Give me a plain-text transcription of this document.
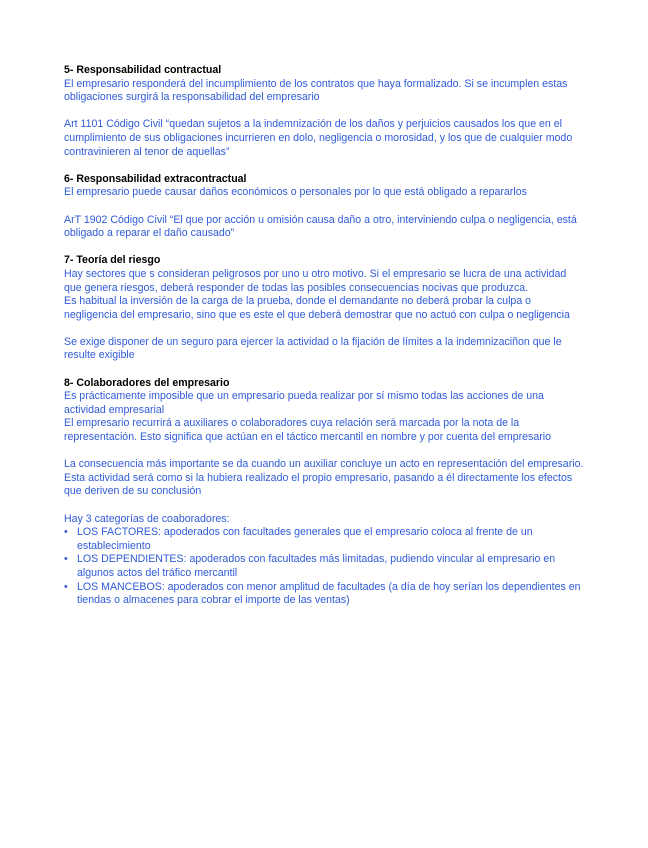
5- Responsabilidad contractual

El empresario responderá del incumplimiento de los contratos que haya formalizado. Si se incumplen estas obligaciones surgirá la responsabilidad del empresario

Art 1101 Código Civil “quedan sujetos a la indemnización de los daños y perjuicios causados los que en el cumplimiento de sus obligaciones incurrieren en dolo, negligencia o morosidad, y los que de cualquier modo contravinieren al tenor de aquellas”

6- Responsabilidad extracontractual

El empresario puede causar daños económicos o personales por lo que está obligado a repararlos

ArT 1902 Código Civil “El que por acción u omisión causa daño a otro, interviniendo culpa o negligencia, está obligado a reparar el daño causado”

7- Teoría del riesgo

Hay sectores que s consideran peligrosos por uno u otro motivo. Si el empresario se lucra de una actividad que genera riesgos, deberá responder de todas las posibles consecuencias nocivas que produzca.

Es habitual la inversión de la carga de la prueba, donde el demandante no deberá probar la culpa o negligencia del empresario, sino que es este el que deberá demostrar que no actuó con culpa o negligencia

Se exige disponer de un seguro para ejercer la actividad o la fijación de límites a la indemnizaciñon que le resulte exigible

8- Colaboradores del empresario

Es prácticamente imposible que un empresario pueda realizar por sí mismo todas las acciones de una actividad empresarial

El empresario recurrirá a auxiliares o colaboradores cuya relación será marcada por la nota de la representación. Esto significa que actúan en el táctico mercantil en nombre y por cuenta del empresario

La consecuencia más importante se da cuando un auxiliar concluye un acto en representación del empresario. Esta actividad será como si la hubiera realizado el propio empresario, pasando a él directamente los efectos que deriven de su conclusión

Hay 3 categorías de coaboradores:

• LOS FACTORES: apoderados con facultades generales que el empresario coloca al frente de un establecimiento
• LOS DEPENDIENTES: apoderados con facultades más limitadas, pudiendo vincular al empresario en algunos actos del tráfico mercantil
• LOS MANCEBOS: apoderados con menor amplitud de facultades (a día de hoy serían los dependientes en tiendas o almacenes para cobrar el importe de las ventas)
